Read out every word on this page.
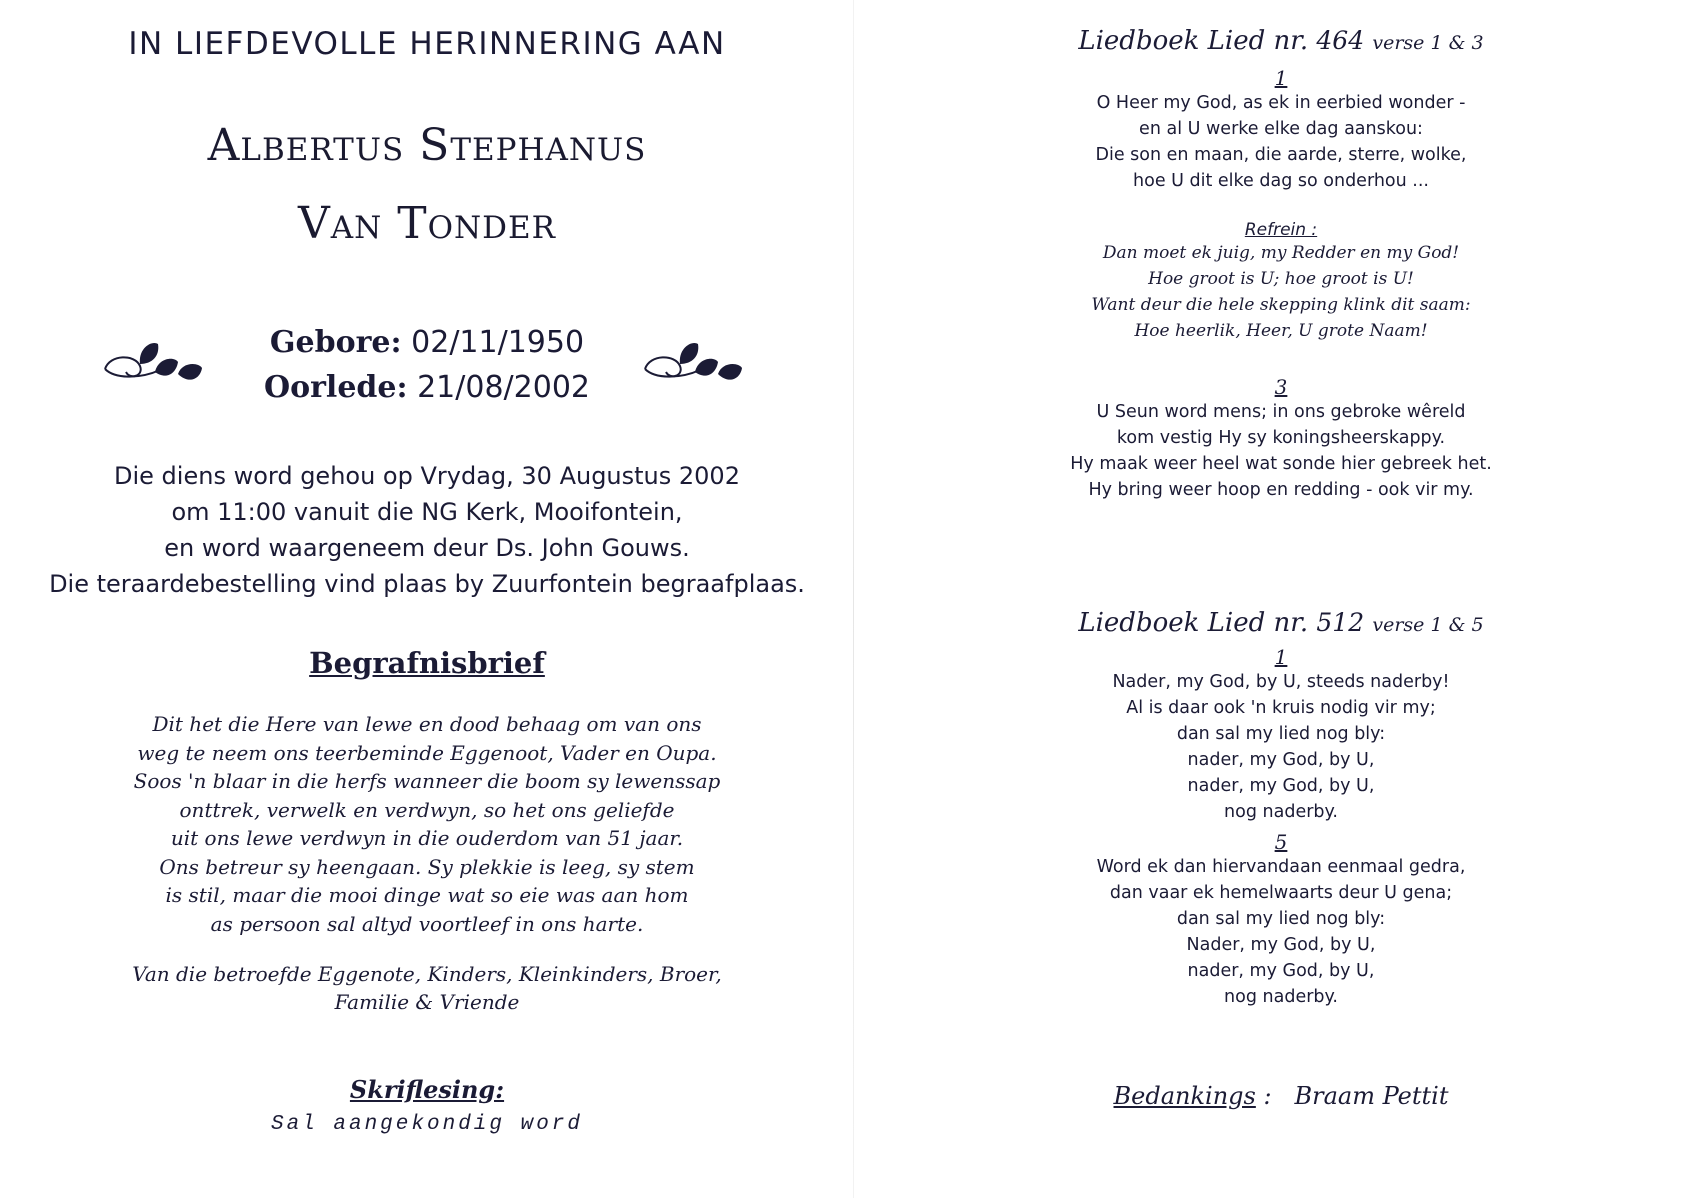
IN LIEFDEVOLLE HERINNERING AAN
Albertus Stephanus
Van Tonder
Gebore: 02/11/1950
Oorlede: 21/08/2002
Die diens word gehou op Vrydag, 30 Augustus 2002
om 11:00 vanuit die NG Kerk, Mooifontein,
en word waargeneem deur Ds. John Gouws.
Die teraardebestelling vind plaas by Zuurfontein begraafplaas.
Begrafnisbrief
Dit het die Here van lewe en dood behaag om van ons
weg te neem ons teerbeminde Eggenoot, Vader en Oupa.
Soos 'n blaar in die herfs wanneer die boom sy lewenssap
onttrek, verwelk en verdwyn, so het ons geliefde
uit ons lewe verdwyn in die ouderdom van 51 jaar.
Ons betreur sy heengaan. Sy plekkie is leeg, sy stem
is stil, maar die mooi dinge wat so eie was aan hom
as persoon sal altyd voortleef in ons harte.
Van die betroefde Eggenote, Kinders, Kleinkinders, Broer,
Familie & Vriende
Skriflesing:
Sal aangekondig word
Liedboek Lied nr. 464 verse 1 & 3
1
O Heer my God, as ek in eerbied wonder -
en al U werke elke dag aanskou:
Die son en maan, die aarde, sterre, wolke,
hoe U dit elke dag so onderhou ...
Refrein :
Dan moet ek juig, my Redder en my God!
Hoe groot is U; hoe groot is U!
Want deur die hele skepping klink dit saam:
Hoe heerlik, Heer, U grote Naam!
3
U Seun word mens; in ons gebroke wêreld
kom vestig Hy sy koningsheerskappy.
Hy maak weer heel wat sonde hier gebreek het.
Hy bring weer hoop en redding - ook vir my.
Liedboek Lied nr. 512 verse 1 & 5
1
Nader, my God, by U, steeds naderby!
Al is daar ook 'n kruis nodig vir my;
dan sal my lied nog bly:
nader, my God, by U,
nader, my God, by U,
nog naderby.
5
Word ek dan hiervandaan eenmaal gedra,
dan vaar ek hemelwaarts deur U gena;
dan sal my lied nog bly:
Nader, my God, by U,
nader, my God, by U,
nog naderby.
Bedankings : Braam Pettit
